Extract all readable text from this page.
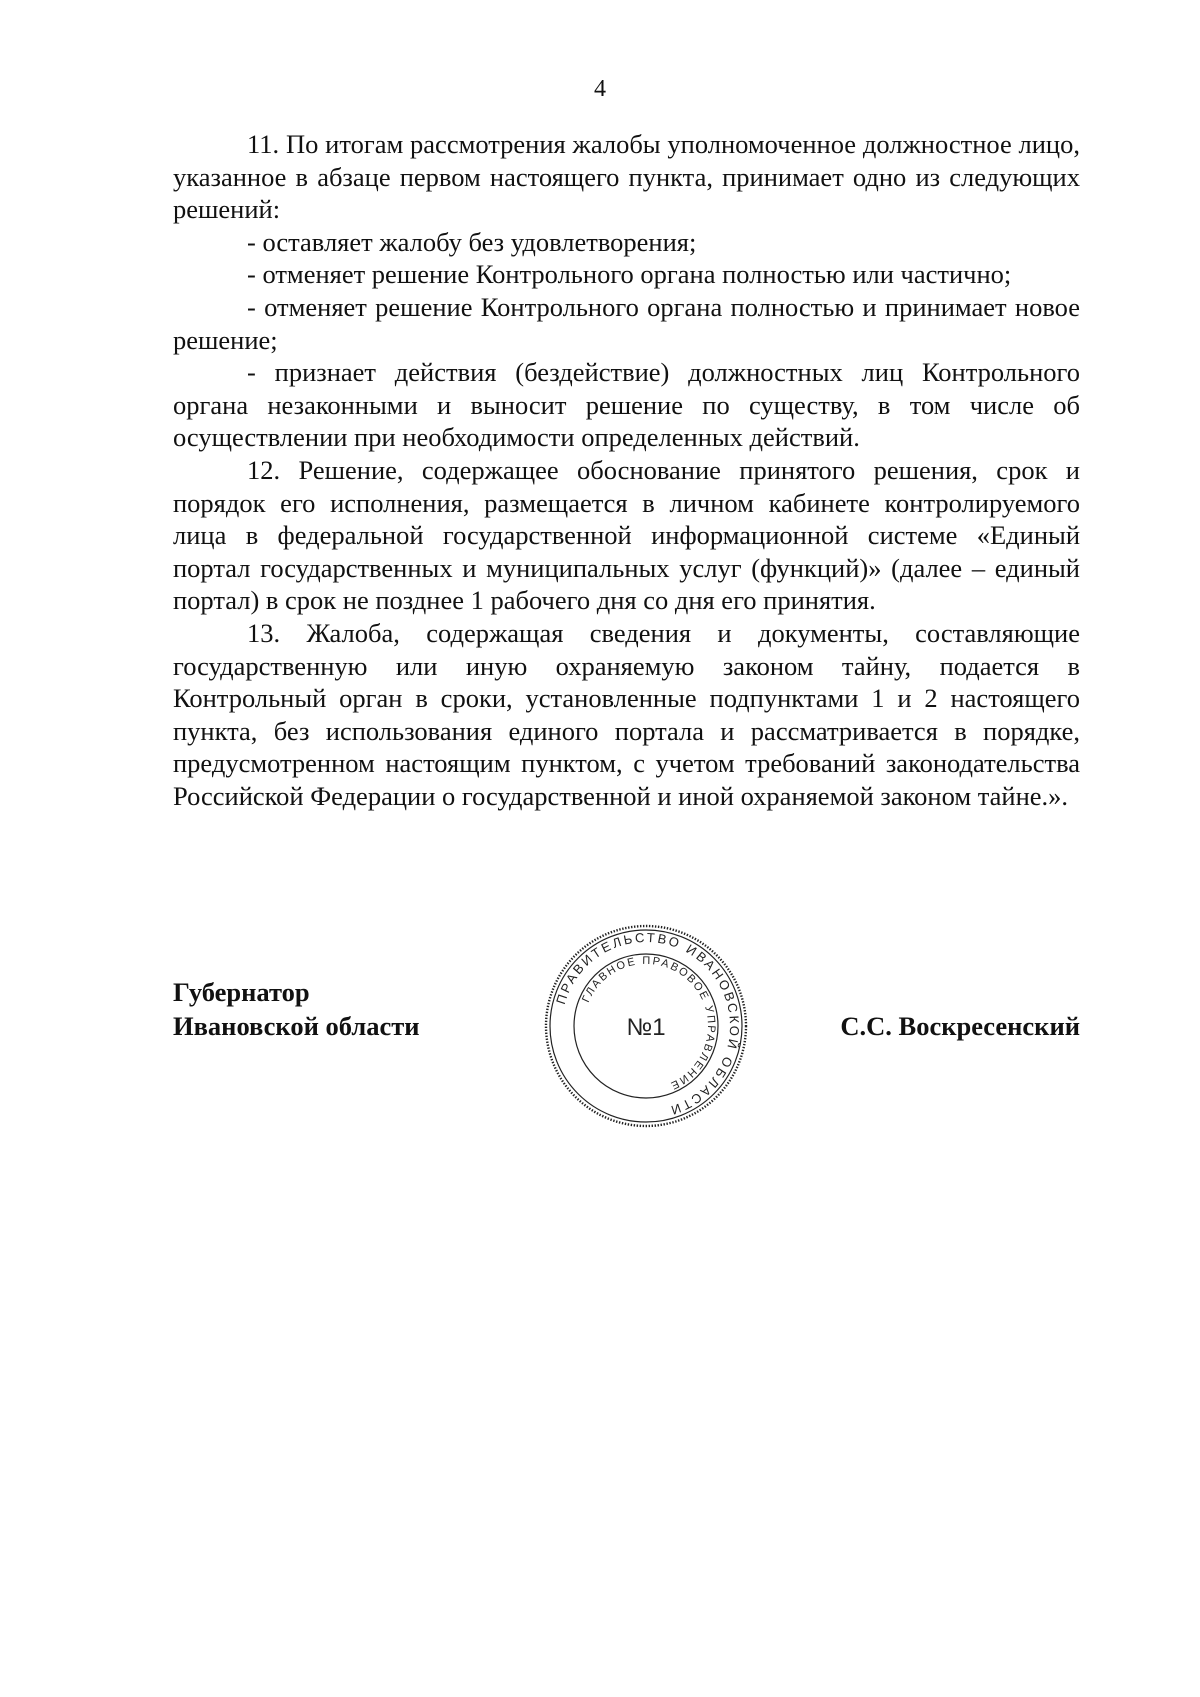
4

11. По итогам рассмотрения жалобы уполномоченное должностное лицо, указанное в абзаце первом настоящего пункта, принимает одно из следующих решений:

- оставляет жалобу без удовлетворения;

- отменяет решение Контрольного органа полностью или частично;

- отменяет решение Контрольного органа полностью и принимает новое решение;

- признает действия (бездействие) должностных лиц Контрольного органа незаконными и выносит решение по существу, в том числе об осуществлении при необходимости определенных действий.

12. Решение, содержащее обоснование принятого решения, срок и порядок его исполнения, размещается в личном кабинете контролируемого лица в федеральной государственной информационной системе «Единый портал государственных и муниципальных услуг (функций)» (далее – единый портал) в срок не позднее 1 рабочего дня со дня его принятия.

13. Жалоба, содержащая сведения и документы, составляющие государственную или иную охраняемую законом тайну, подается в Контрольный орган в сроки, установленные подпунктами 1 и 2 настоящего пункта, без использования единого портала и рассматривается в порядке, предусмотренном настоящим пунктом, с учетом требований законодательства Российской Федерации о государственной и иной охраняемой законом тайне.».

Губернатор
Ивановской области
ПРАВИТЕЛЬСТВО ИВАНОВСКОЙ ОБЛАСТИ
ГЛАВНОЕ ПРАВОВОЕ УПРАВЛЕНИЕ
№1	С.С. Воскресенский
